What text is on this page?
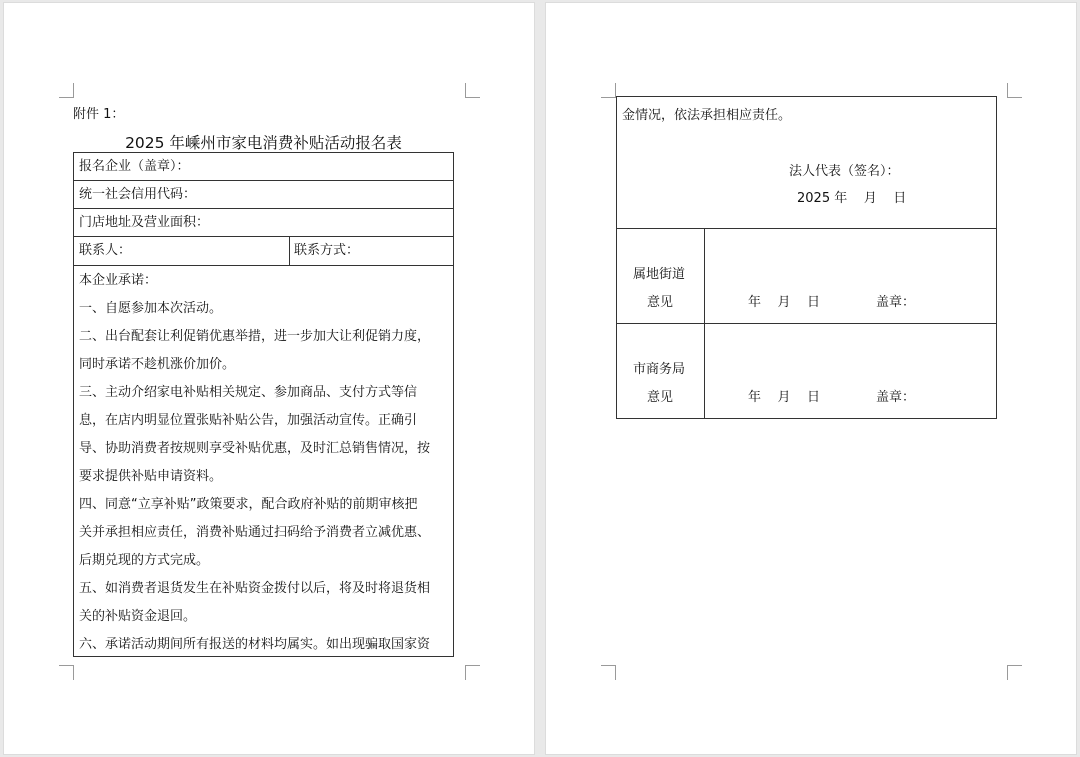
附件 1：
2025 年嵊州市家电消费补贴活动报名表
报名企业（盖章）：
统一社会信用代码：
门店地址及营业面积：
联系人：	联系方式：
本企业承诺：
一、自愿参加本次活动。
二、出台配套让利促销优惠举措，进一步加大让利促销力度，
同时承诺不趁机涨价加价。
三、主动介绍家电补贴相关规定、参加商品、支付方式等信
息，在店内明显位置张贴补贴公告，加强活动宣传。正确引
导、协助消费者按规则享受补贴优惠，及时汇总销售情况，按
要求提供补贴申请资料。
四、同意“立享补贴”政策要求，配合政府补贴的前期审核把
关并承担相应责任，消费补贴通过扫码给予消费者立减优惠、
后期兑现的方式完成。
五、如消费者退货发生在补贴资金拨付以后，将及时将退货相
关的补贴资金退回。
六、承诺活动期间所有报送的材料均属实。如出现骗取国家资
金情况，依法承担相应责任。
法人代表（签名）：
2025 年    月    日
属地街道
意见	年    月    日	盖章：
市商务局
意见	年    月    日	盖章：
